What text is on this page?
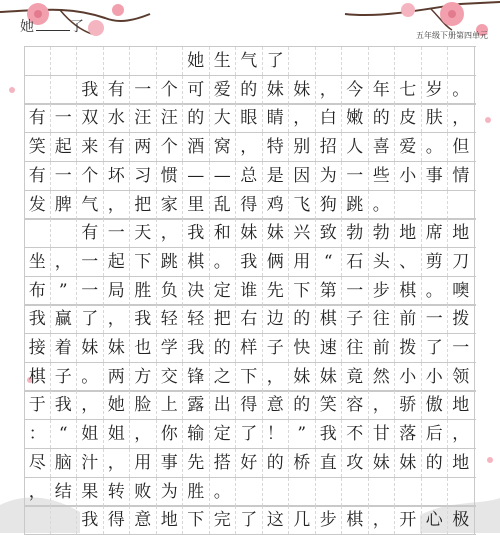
她 了
五年级下册第四单元
她 生 气 了
我 有 一 个 可 爱 的 妹 妹 ， 今 年 七 岁 。
有 一 双 水 汪 汪 的 大 眼 睛 ， 白 嫩 的 皮 肤 ，
笑 起 来 有 两 个 酒 窝 ， 特 别 招 人 喜 爱 。 但
有 一 个 坏 习 惯 — — 总 是 因 为 一 些 小 事 情
发 脾 气 ， 把 家 里 乱 得 鸡 飞 狗 跳 。
有 一 天 ， 我 和 妹 妹 兴 致 勃 勃 地 席 地
坐 ， 一 起 下 跳 棋 。 我 俩 用 “ 石 头 、 剪 刀
布 ” 一 局 胜 负 决 定 谁 先 下 第 一 步 棋 。 噢
我 赢 了 ， 我 轻 轻 把 右 边 的 棋 子 往 前 一 拨
接 着 妹 妹 也 学 我 的 样 子 快 速 往 前 拨 了 一
棋 子 。 两 方 交 锋 之 下 ， 妹 妹 竟 然 小 小 领
于 我 ， 她 脸 上 露 出 得 意 的 笑 容 ， 骄 傲 地
： “ 姐 姐 ， 你 输 定 了 ！ ” 我 不 甘 落 后 ，
尽 脑 汁 ， 用 事 先 搭 好 的 桥 直 攻 妹 妹 的 地
， 结 果 转 败 为 胜 。
我 得 意 地 下 完 了 这 几 步 棋 ， 开 心 极
